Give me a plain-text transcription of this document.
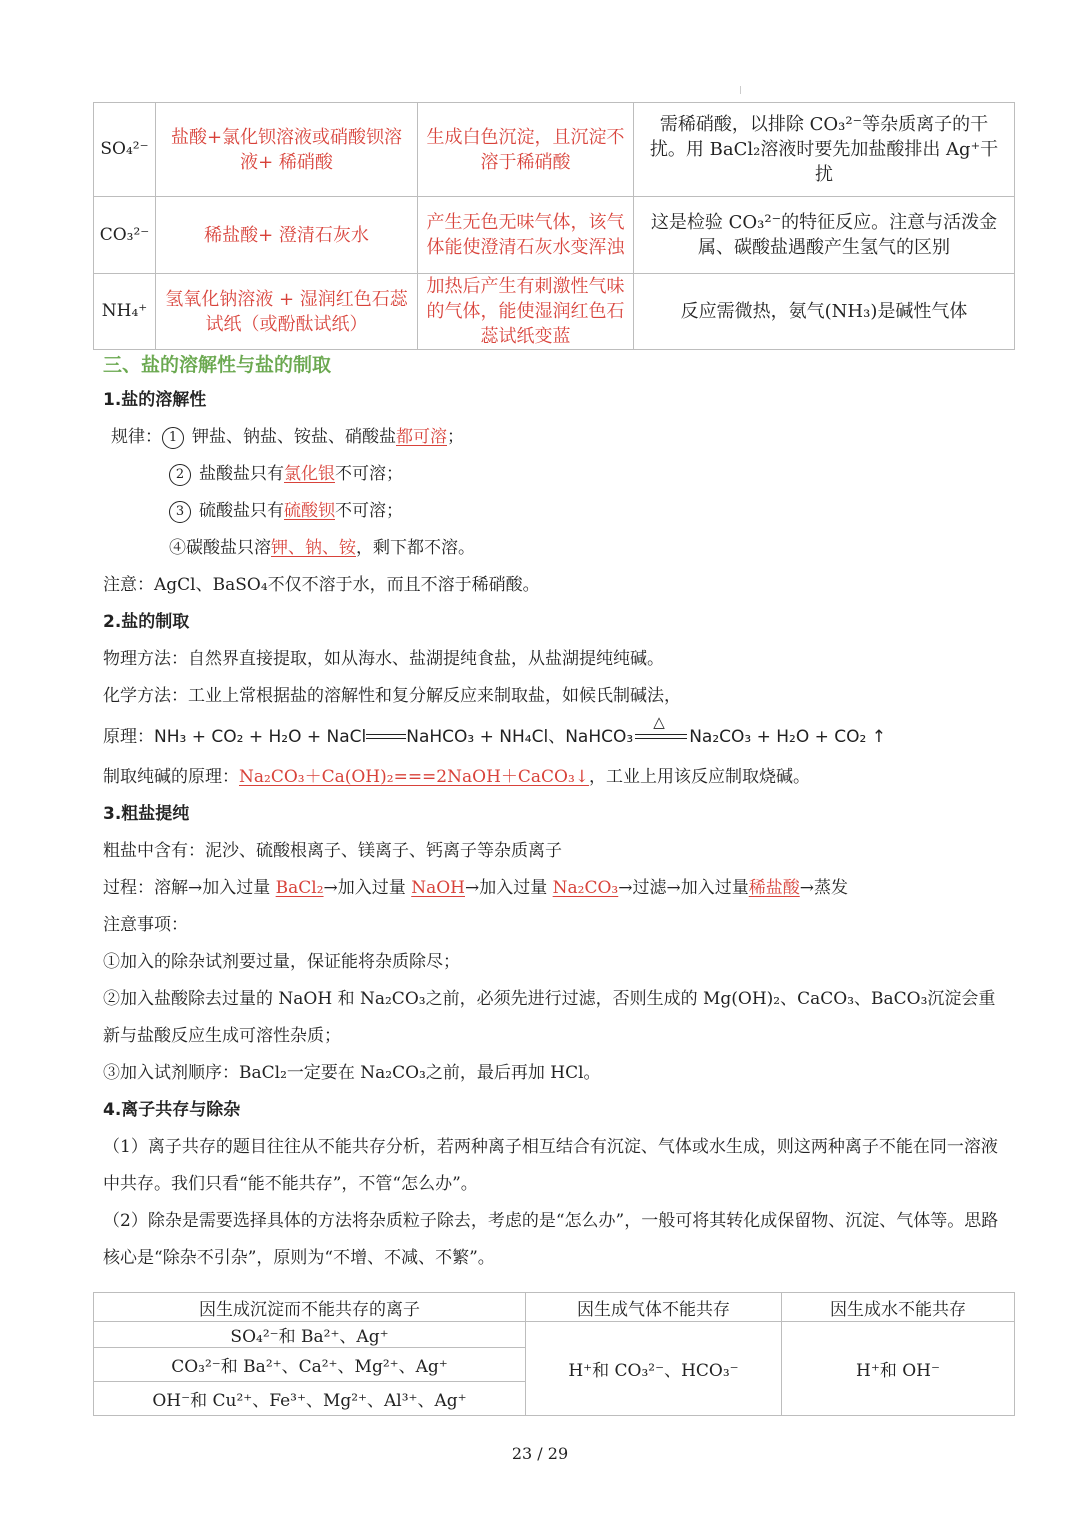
SO₄²⁻	盐酸+氯化钡溶液或硝酸钡溶液+ 稀硝酸	生成白色沉淀，且沉淀不溶于稀硝酸	需稀硝酸，以排除 CO₃²⁻等杂质离子的干扰。用 BaCl₂溶液时要先加盐酸排出 Ag⁺干扰
CO₃²⁻	稀盐酸+ 澄清石灰水	产生无色无味气体，该气体能使澄清石灰水变浑浊	这是检验 CO₃²⁻的特征反应。注意与活泼金属、碳酸盐遇酸产生氢气的区别
NH₄⁺	氢氧化钠溶液 + 湿润红色石蕊试纸（或酚酞试纸）	加热后产生有刺激性气味的气体，能使湿润红色石蕊试纸变蓝	反应需微热，氨气(NH₃)是碱性气体
三、盐的溶解性与盐的制取
1.盐的溶解性
规律： 1 钾盐、钠盐、铵盐、硝酸盐都可溶；
2 盐酸盐只有氯化银不可溶；
3 硫酸盐只有硫酸钡不可溶；
④碳酸盐只溶钾、钠、铵，剩下都不溶。
注意：AgCl、BaSO₄不仅不溶于水，而且不溶于稀硝酸。
2.盐的制取
物理方法：自然界直接提取，如从海水、盐湖提纯食盐，从盐湖提纯纯碱。
化学方法：工业上常根据盐的溶解性和复分解反应来制取盐，如候氏制碱法，
原理：NH₃ + CO₂ + H₂O + NaCl NaHCO₃ + NH₄Cl、NaHCO₃
△
Na₂CO₃ + H₂O + CO₂ ↑
制取纯碱的原理：Na₂CO₃＋Ca(OH)₂===2NaOH＋CaCO₃↓，工业上用该反应制取烧碱。
3.粗盐提纯
粗盐中含有：泥沙、硫酸根离子、镁离子、钙离子等杂质离子
过程：溶解→加入过量 BaCl₂→加入过量 NaOH→加入过量 Na₂CO₃→过滤→加入过量稀盐酸→蒸发
注意事项：
①加入的除杂试剂要过量，保证能将杂质除尽；
②加入盐酸除去过量的 NaOH 和 Na₂CO₃之前，必须先进行过滤，否则生成的 Mg(OH)₂、CaCO₃、BaCO₃沉淀会重新与盐酸反应生成可溶性杂质；
③加入试剂顺序：BaCl₂一定要在 Na₂CO₃之前，最后再加 HCl。
4.离子共存与除杂
（1）离子共存的题目往往从不能共存分析，若两种离子相互结合有沉淀、气体或水生成，则这两种离子不能在同一溶液中共存。我们只看“能不能共存”，不管“怎么办”。
（2）除杂是需要选择具体的方法将杂质粒子除去，考虑的是“怎么办”，一般可将其转化成保留物、沉淀、气体等。思路核心是“除杂不引杂”，原则为“不增、不减、不繁”。
因生成沉淀而不能共存的离子	因生成气体不能共存	因生成水不能共存
SO₄²⁻和 Ba²⁺、Ag⁺	H⁺和 CO₃²⁻、HCO₃⁻	H⁺和 OH⁻
CO₃²⁻和 Ba²⁺、Ca²⁺、Mg²⁺、Ag⁺		
OH⁻和 Cu²⁺、Fe³⁺、Mg²⁺、Al³⁺、Ag⁺		
23 / 29
